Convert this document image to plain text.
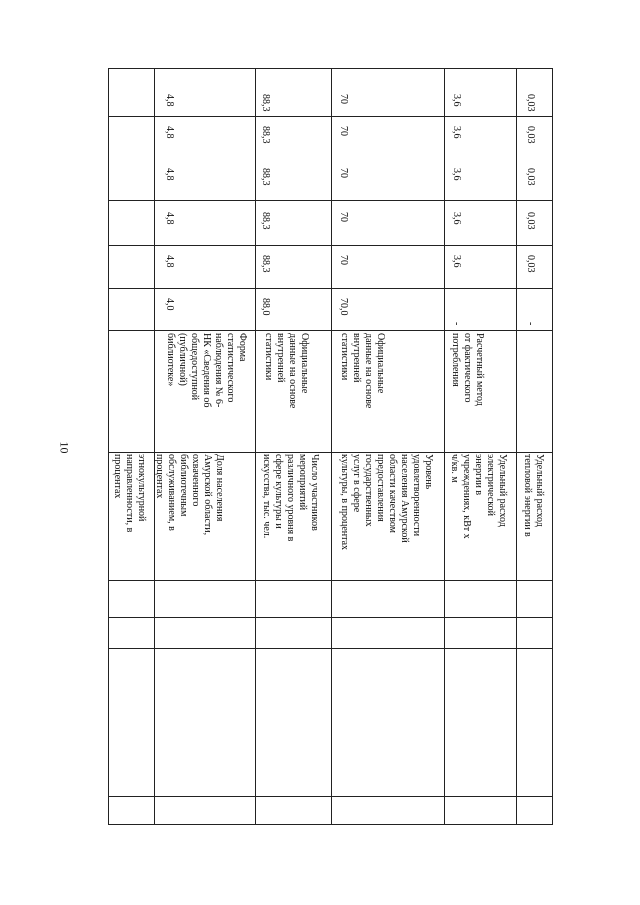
10
этнокультурной
направленности, в
процентах
4,8
Доля населения
Амурской области,
охваченного
библиотечным
обслуживанием, в
процентах
Форма
статистического
наблюдения № 6-
НК «Сведения об
общедоступной
(публичной)
библиотеке»
4,0
4,8
4,8
4,8
4,8
88,3
Число участников
мероприятий
различного уровня в
сфере культуры и
искусства, тыс. чел.
Официальные
данные на основе
внутренней
статистики
88,0
88,3
88,3
88,3
88,3
70
Уровень
удовлетворенности
населения Амурской
области качеством
предоставления
государственных
услуг в сфере
культуры, в процентах
Официальные
данные на основе
внутренней
статистики
70,0
70
70
70
70
3,6
Удельный расход
электрической
энергии в
учреждениях, кВт х
ч/кв. м
Расчетный метод
от фактического
потребления
-
3,6
3,6
3,6
3,6
0,03
Удельный расход
тепловой энергии в
-
0,03
0,03
0,03
0,03
